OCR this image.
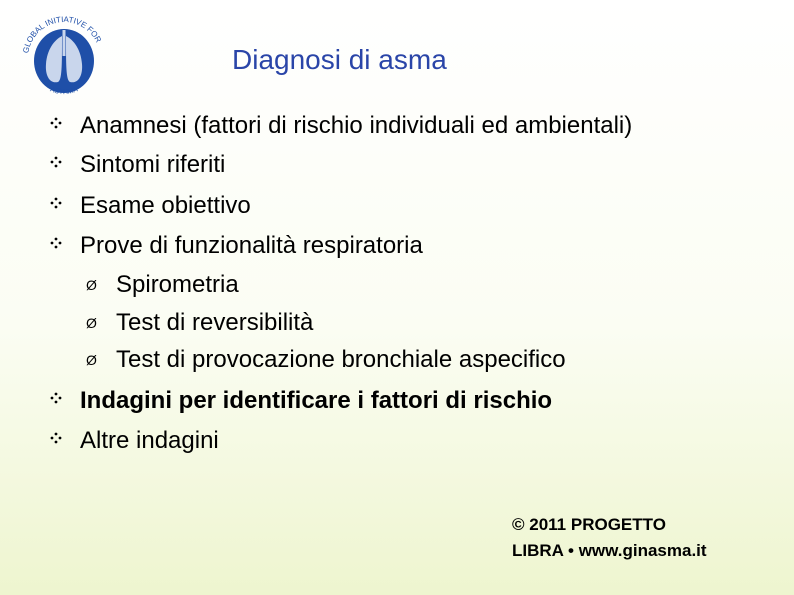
GLOBAL INITIATIVE FOR
ASTHMA
Diagnosi di asma
Anamnesi (fattori di rischio individuali ed ambientali)
Sintomi riferiti
Esame obiettivo
Prove di funzionalità respiratoria
Ø Spirometria
Ø Test di reversibilità
Ø Test di provocazione bronchiale aspecifico
Indagini per identificare i fattori di rischio
Altre indagini
© 2011 PROGETTO
LIBRA • www.ginasma.it
